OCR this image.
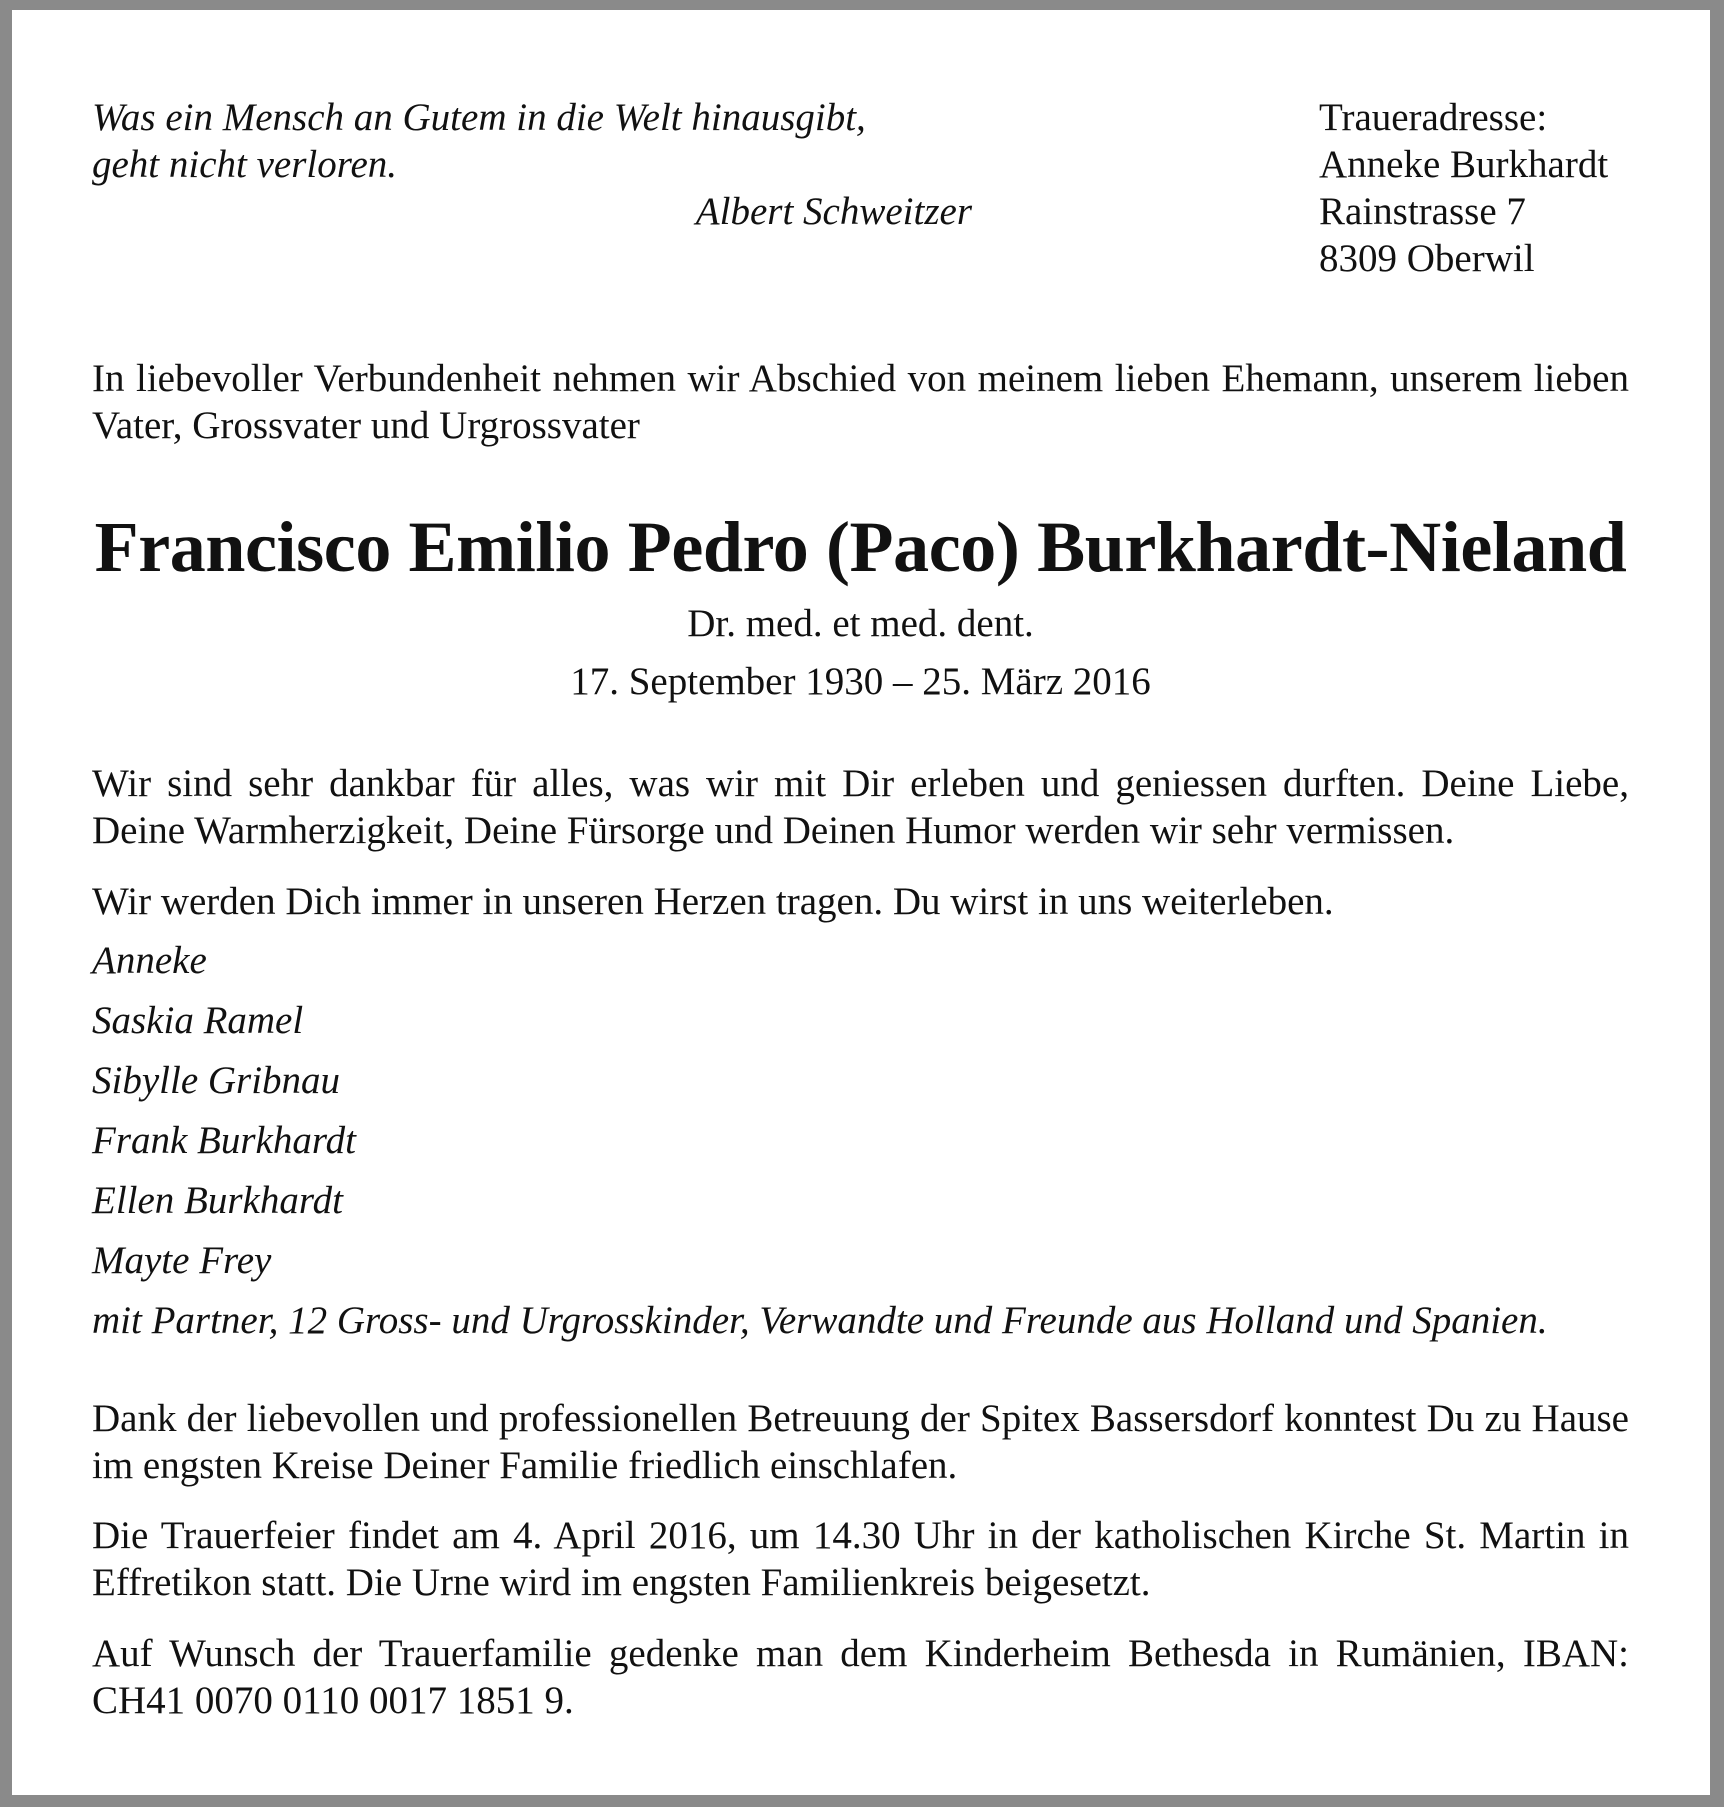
Was ein Mensch an Gutem in die Welt hinausgibt,
geht nicht verloren.
Albert Schweitzer
Traueradresse:
Anneke Burkhardt
Rainstrasse 7
8309 Oberwil

In liebevoller Verbundenheit nehmen wir Abschied von meinem lieben Ehemann, unserem lieben Vater, Grossvater und Urgrossvater

Francisco Emilio Pedro (Paco) Burkhardt-Nieland
Dr. med. et med. dent.
17. September 1930 – 25. März 2016

Wir sind sehr dankbar für alles, was wir mit Dir erleben und geniessen durften. Deine Liebe, Deine Warmherzigkeit, Deine Fürsorge und Deinen Humor werden wir sehr vermissen.

Wir werden Dich immer in unseren Herzen tragen. Du wirst in uns weiterleben.

Anneke
Saskia Ramel
Sibylle Gribnau
Frank Burkhardt
Ellen Burkhardt
Mayte Frey
mit Partner, 12 Gross- und Urgrosskinder, Verwandte und Freunde aus Holland und Spanien.

Dank der liebevollen und professionellen Betreuung der Spitex Bassersdorf konntest Du zu Hause im engsten Kreise Deiner Familie friedlich einschlafen.

Die Trauerfeier findet am 4. April 2016, um 14.30 Uhr in der katholischen Kirche St. Martin in Effretikon statt. Die Urne wird im engsten Familienkreis beigesetzt.

Auf Wunsch der Trauerfamilie gedenke man dem Kinderheim Bethesda in Rumänien, IBAN: CH41 0070 0110 0017 1851 9.
